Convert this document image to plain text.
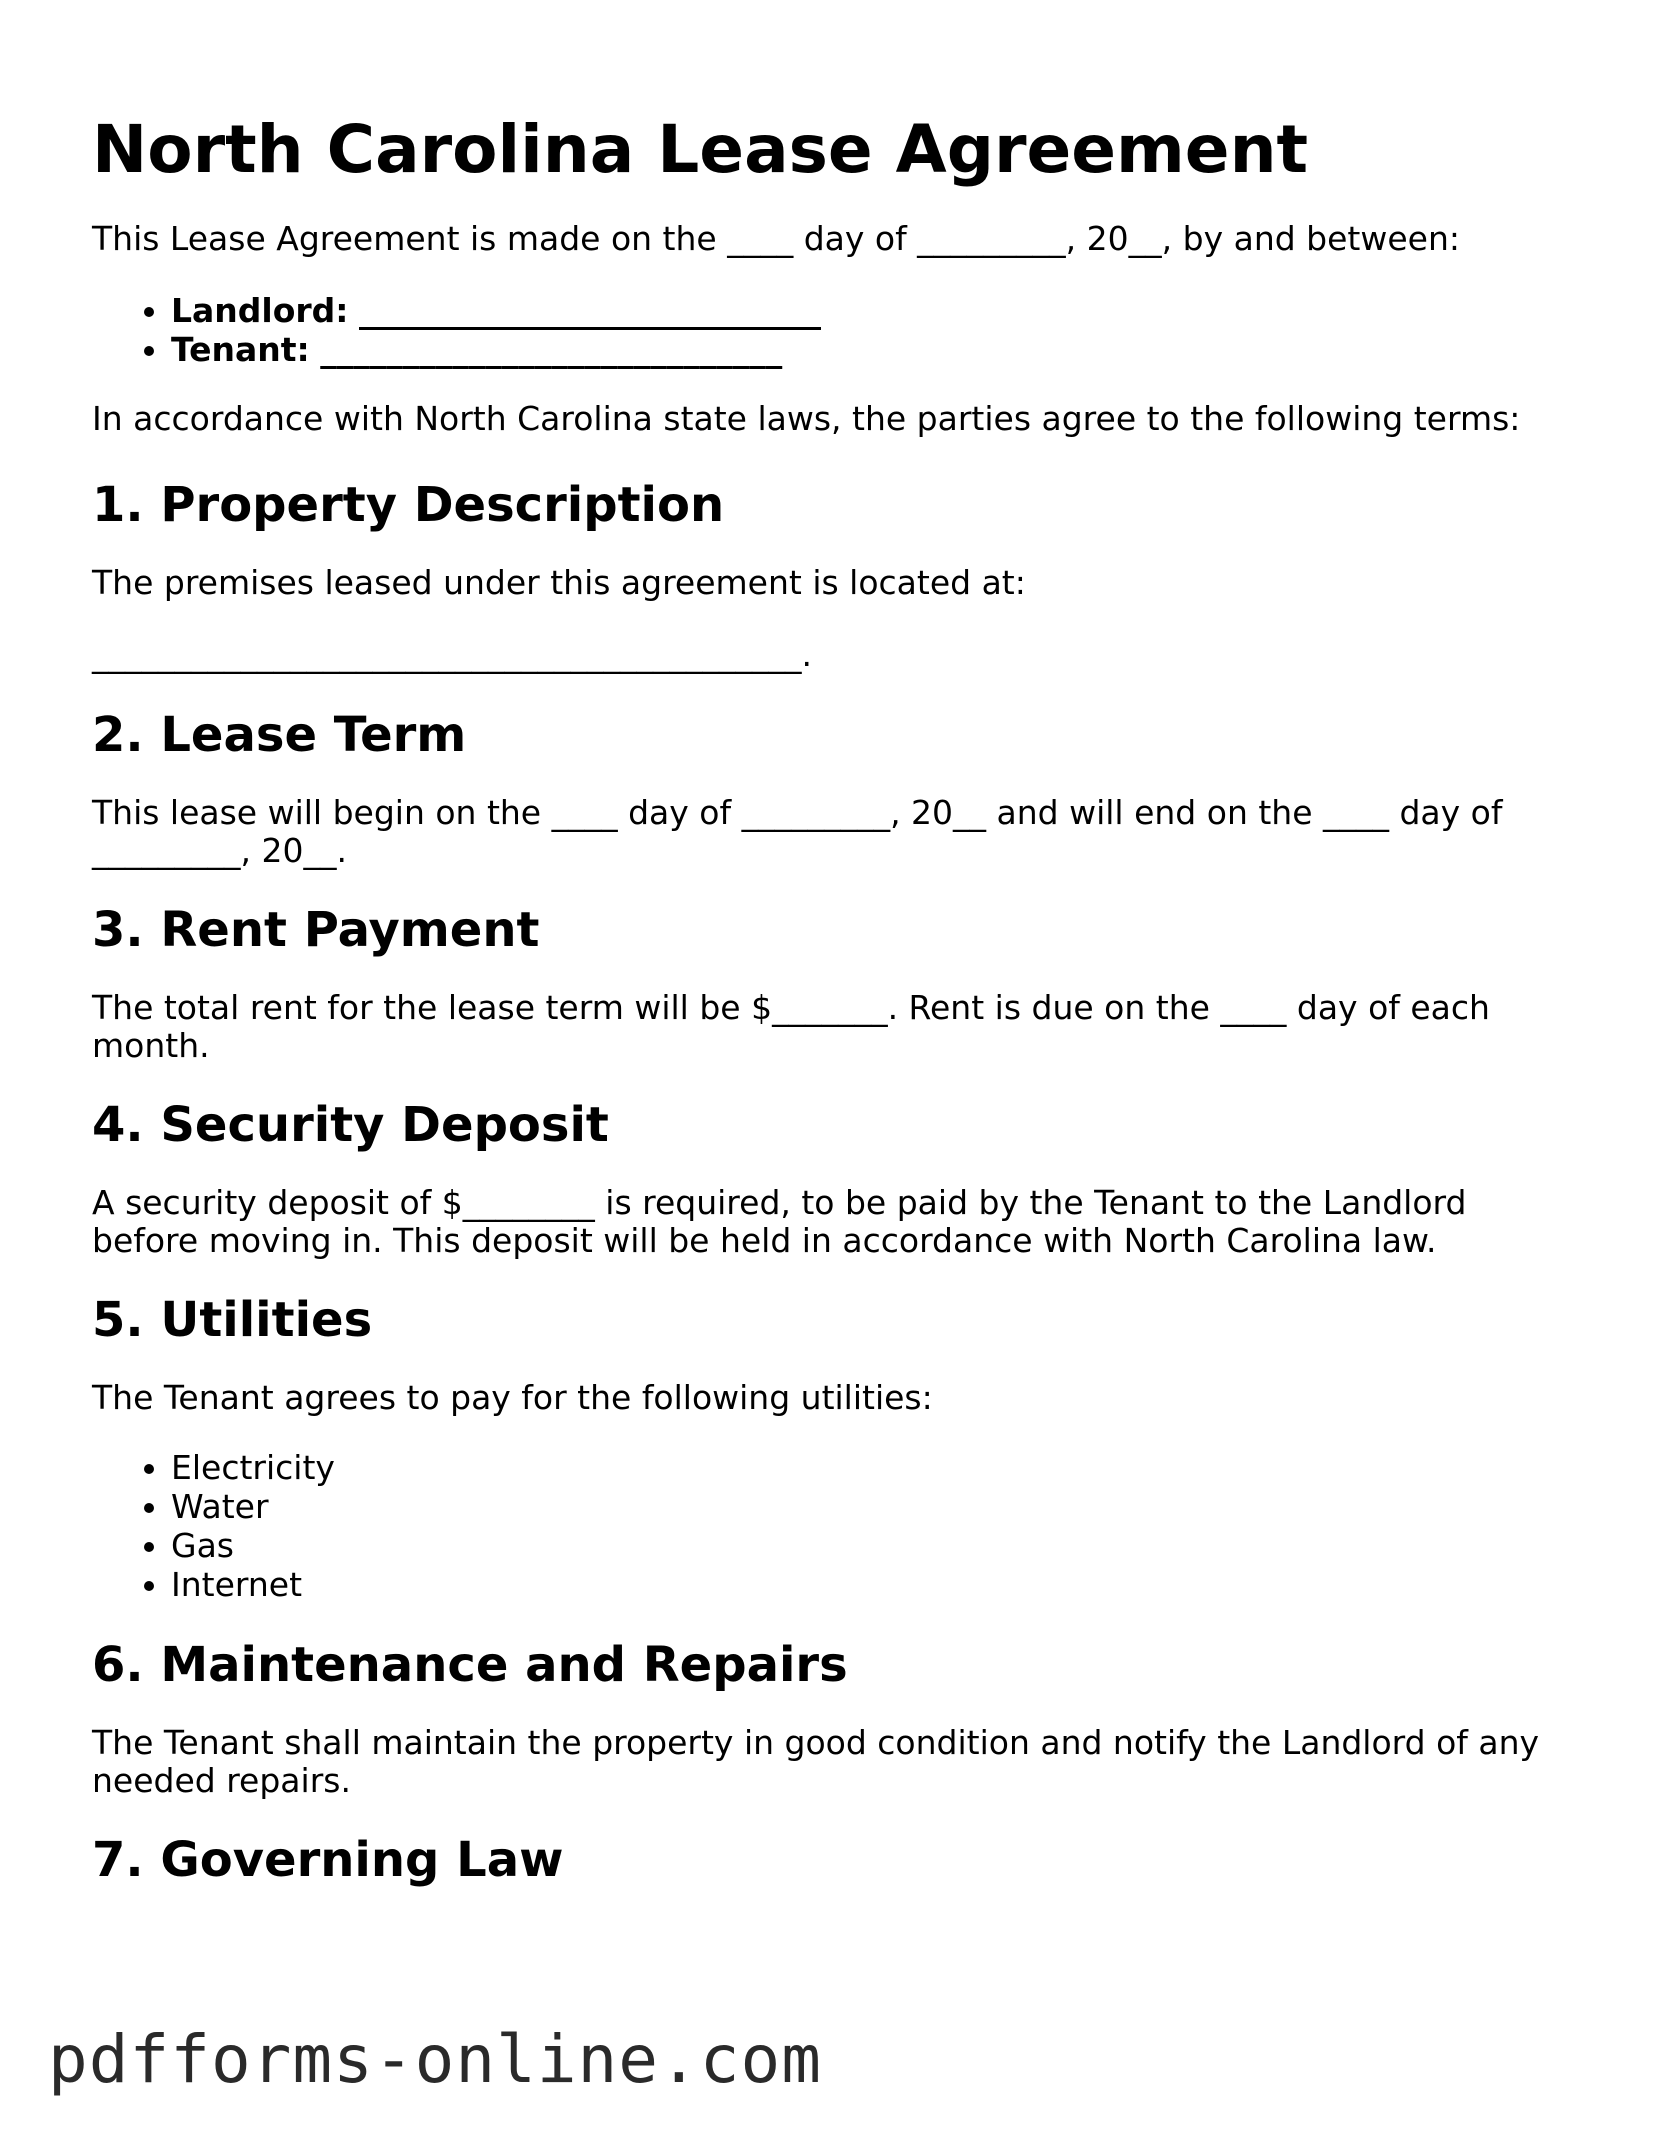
North Carolina Lease Agreement

This Lease Agreement is made on the ____ day of _________, 20__, by and between:

• Landlord: ____________________________
• Tenant: ____________________________

In accordance with North Carolina state laws, the parties agree to the following terms:

1. Property Description

The premises leased under this agreement is located at:

___________________________________________.

2. Lease Term

This lease will begin on the ____ day of _________, 20__ and will end on the ____ day of _________, 20__.

3. Rent Payment

The total rent for the lease term will be $_______. Rent is due on the ____ day of each month.

4. Security Deposit

A security deposit of $________ is required, to be paid by the Tenant to the Landlord before moving in. This deposit will be held in accordance with North Carolina law.

5. Utilities

The Tenant agrees to pay for the following utilities:

• Electricity
• Water
• Gas
• Internet
6. Maintenance and Repairs

The Tenant shall maintain the property in good condition and notify the Landlord of any needed repairs.

7. Governing Law
pdfforms-online.com
